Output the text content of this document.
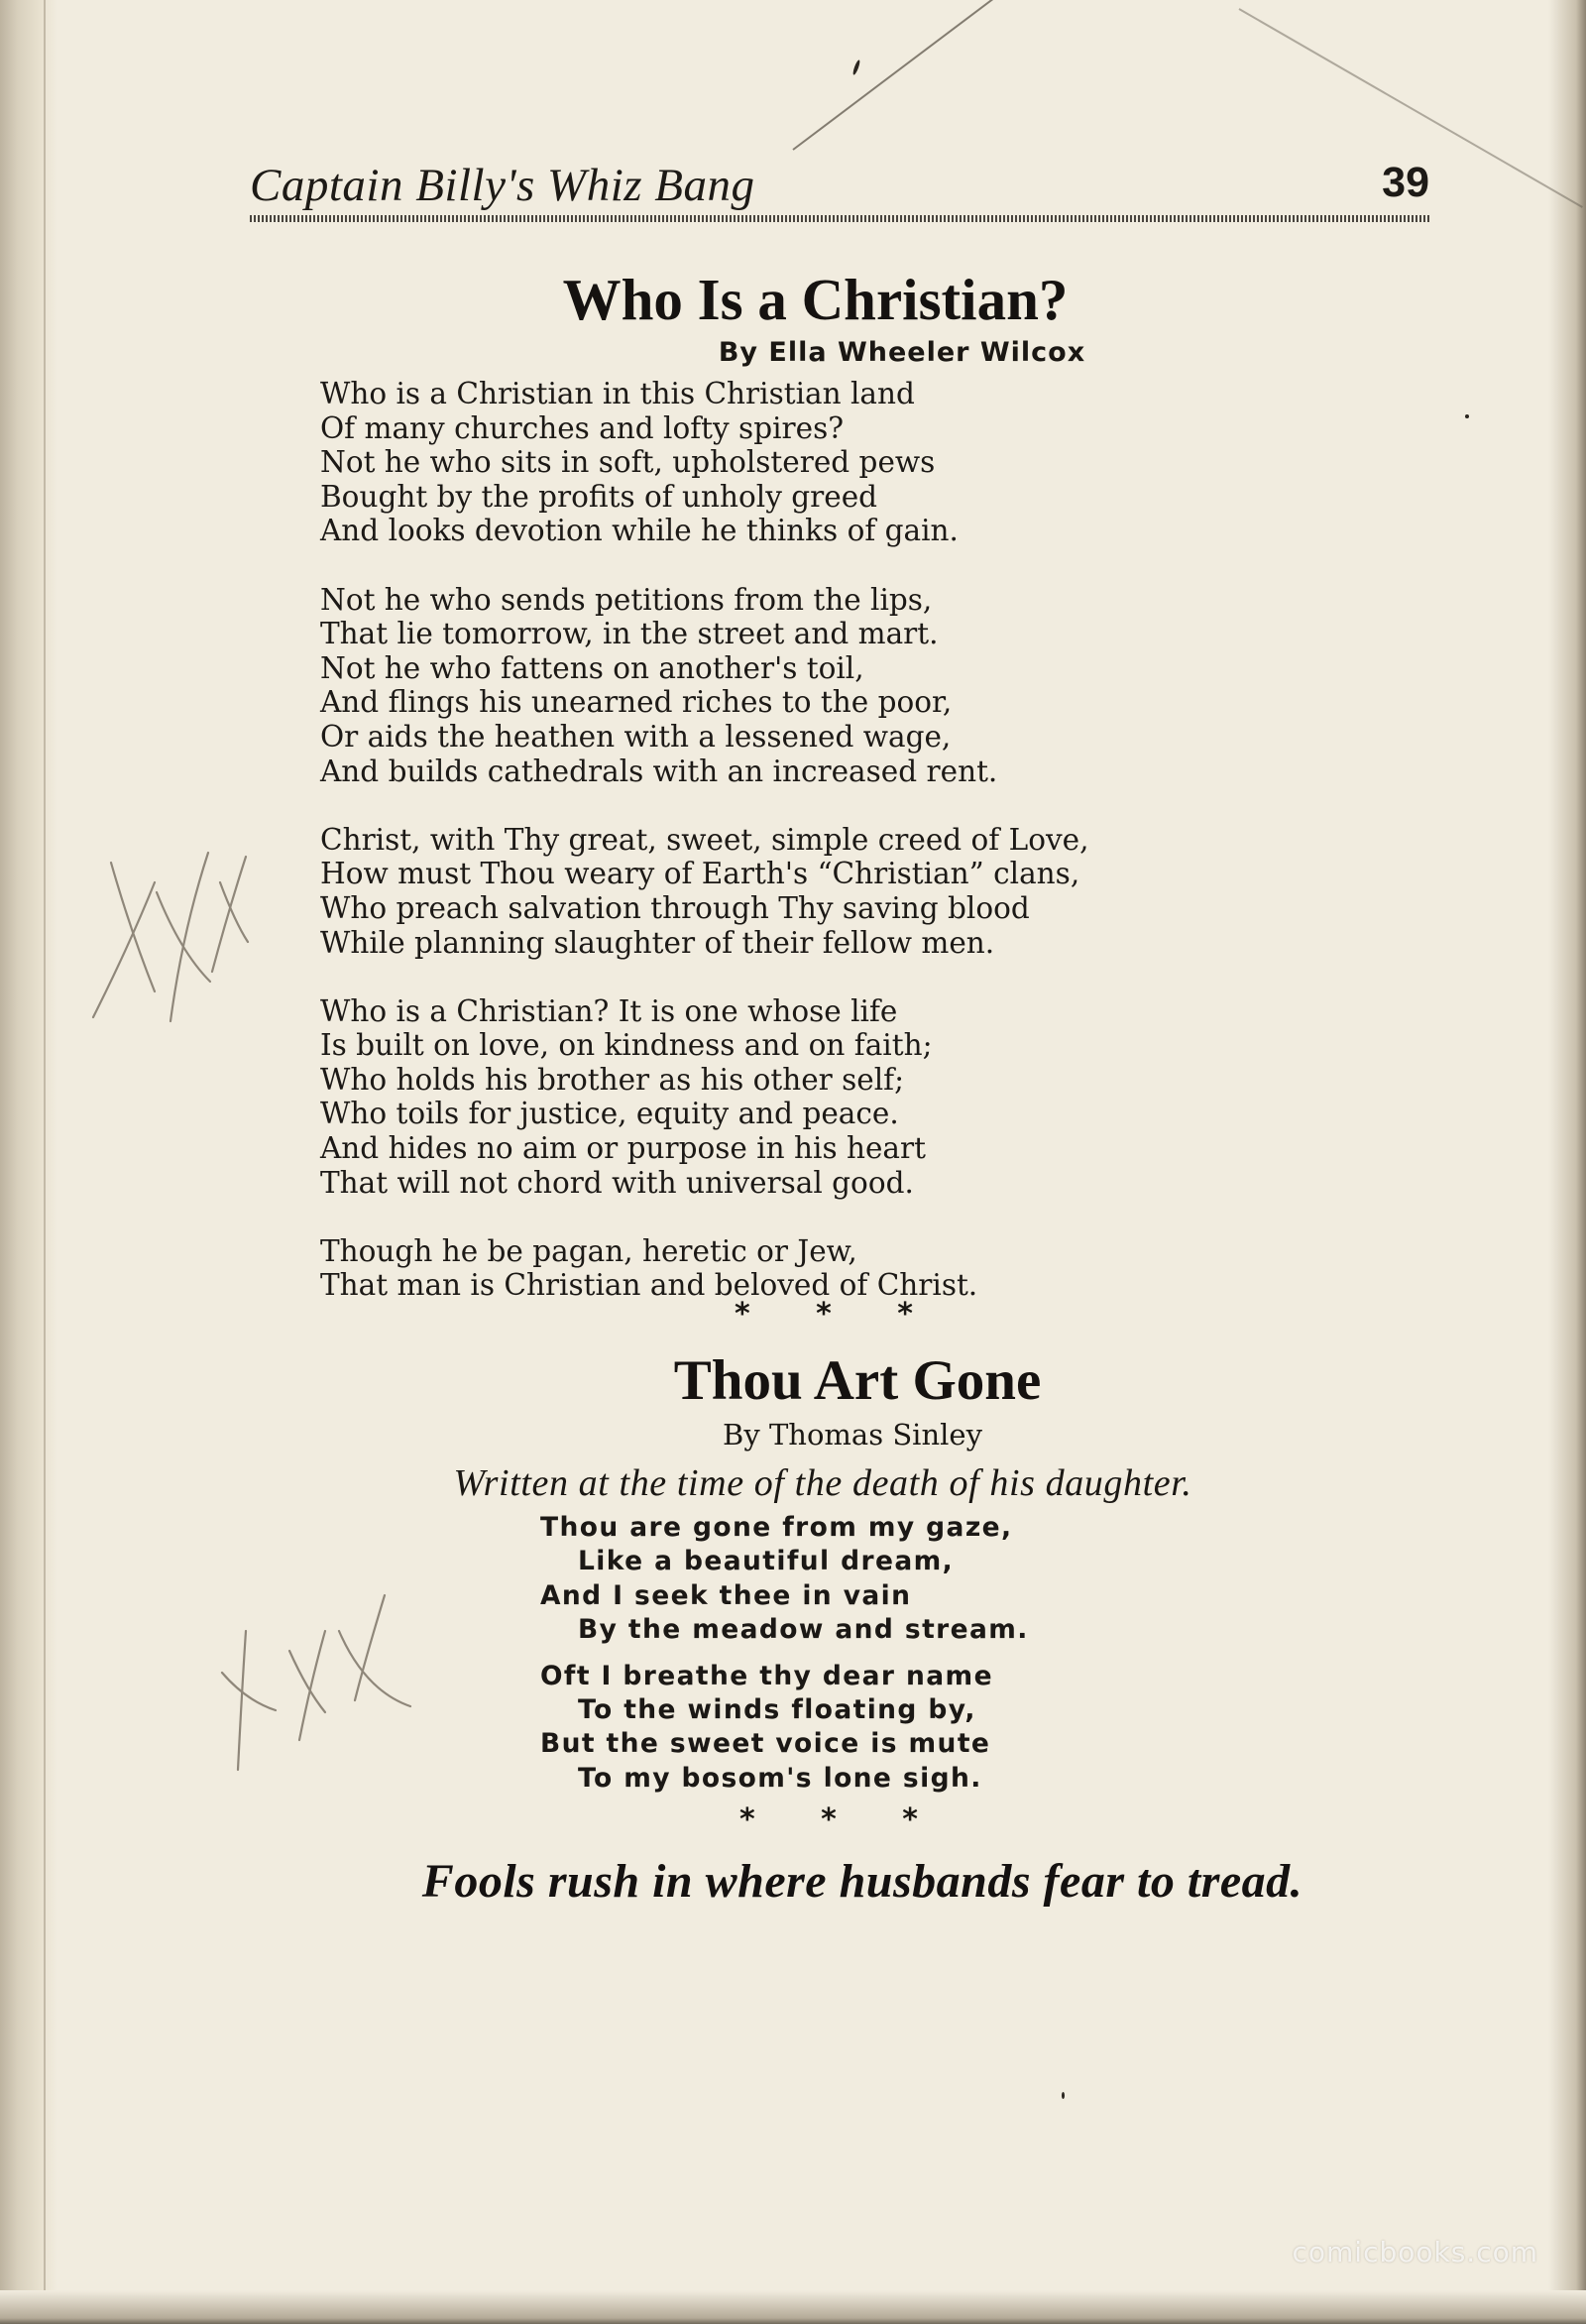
Captain Billy's Whiz Bang	39
Who Is a Christian?
By Ella Wheeler Wilcox
Who is a Christian in this Christian land
Of many churches and lofty spires?
Not he who sits in soft, upholstered pews
Bought by the profits of unholy greed
And looks devotion while he thinks of gain.
Not he who sends petitions from the lips,
That lie tomorrow, in the street and mart.
Not he who fattens on another's toil,
And flings his unearned riches to the poor,
Or aids the heathen with a lessened wage,
And builds cathedrals with an increased rent.
Christ, with Thy great, sweet, simple creed of Love,
How must Thou weary of Earth's “Christian” clans,
Who preach salvation through Thy saving blood
While planning slaughter of their fellow men.
Who is a Christian? It is one whose life
Is built on love, on kindness and on faith;
Who holds his brother as his other self;
Who toils for justice, equity and peace.
And hides no aim or purpose in his heart
That will not chord with universal good.
Though he be pagan, heretic or Jew,
That man is Christian and beloved of Christ.
* * *
Thou Art Gone
By Thomas Sinley
Written at the time of the death of his daughter.
Thou are gone from my gaze,
Like a beautiful dream,
And I seek thee in vain
By the meadow and stream.
Oft I breathe thy dear name
To the winds floating by,
But the sweet voice is mute
To my bosom's lone sigh.
* * *
Fools rush in where husbands fear to tread.
comicbooks.com
